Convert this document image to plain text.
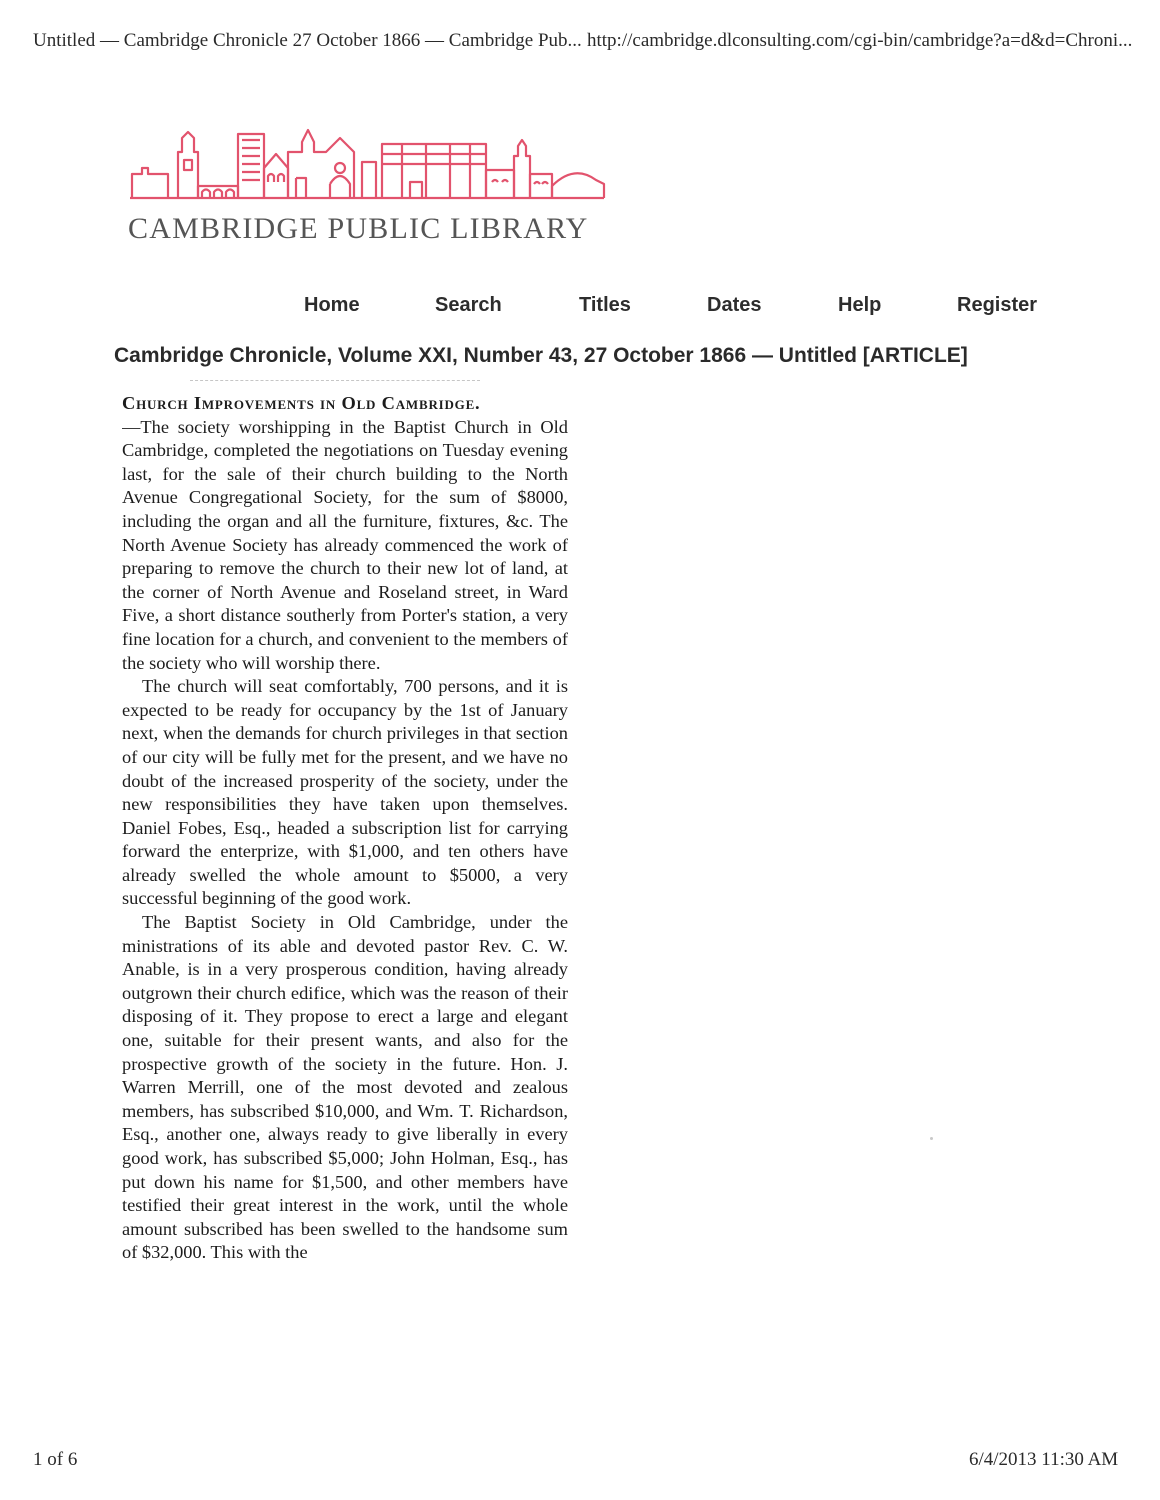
Untitled — Cambridge Chronicle 27 October 1866 — Cambridge Pub... http://cambridge.dlconsulting.com/cgi-bin/cambridge?a=d&d=Chroni...
CAMBRIDGE PUBLIC LIBRARY
Home	Search	Titles	Dates	Help	Register
Cambridge Chronicle, Volume XXI, Number 43, 27 October 1866 — Untitled [ARTICLE]

Church Improvements in Old Cambridge.
—The society worshipping in the Baptist Church in Old Cambridge, completed the negotiations on Tuesday evening last, for the sale of their church building to the North Avenue Congregational Society, for the sum of $8000, including the organ and all the furniture, fixtures, &c. The North Avenue Society has already commenced the work of preparing to remove the church to their new lot of land, at the corner of North Avenue and Roseland street, in Ward Five, a short distance southerly from Porter's station, a very fine location for a church, and convenient to the members of the society who will worship there.

The church will seat comfortably, 700 persons, and it is expected to be ready for occupancy by the 1st of January next, when the demands for church privileges in that section of our city will be fully met for the present, and we have no doubt of the increased prosperity of the society, under the new responsibilities they have taken upon themselves. Daniel Fobes, Esq., headed a subscription list for carrying forward the enterprize, with $1,000, and ten others have already swelled the whole amount to $5000, a very successful beginning of the good work.

The Baptist Society in Old Cambridge, under the ministrations of its able and devoted pastor Rev. C. W. Anable, is in a very prosperous condition, having already outgrown their church edifice, which was the reason of their disposing of it. They propose to erect a large and elegant one, suitable for their present wants, and also for the prospective growth of the society in the future. Hon. J. Warren Merrill, one of the most devoted and zealous members, has subscribed $10,000, and Wm. T. Richardson, Esq., another one, always ready to give liberally in every good work, has subscribed $5,000; John Holman, Esq., has put down his name for $1,500, and other members have testified their great interest in the work, until the whole amount subscribed has been swelled to the handsome sum of $32,000. This with the

1 of 6	6/4/2013 11:30 AM
